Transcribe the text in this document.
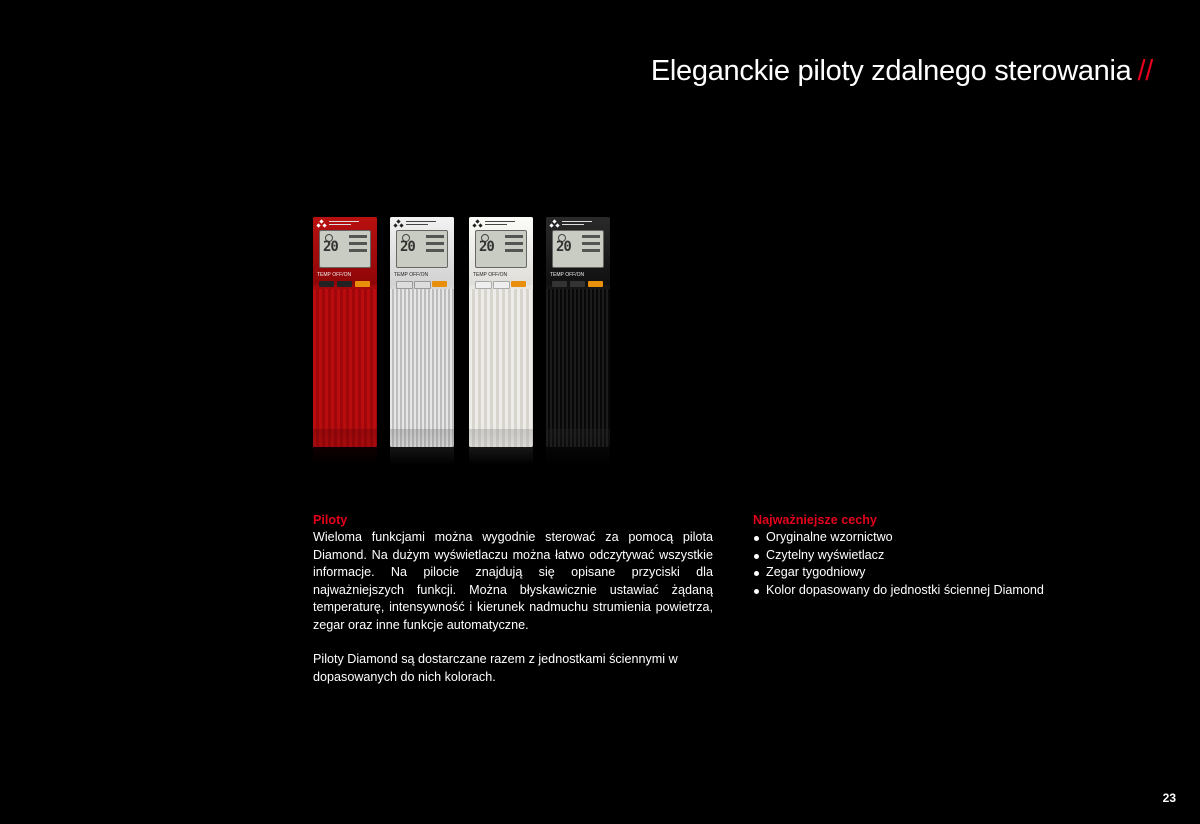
Eleganckie piloty zdalnego sterowania //
20
TEMP OFF/ON
20
TEMP OFF/ON
20
TEMP OFF/ON
20
TEMP OFF/ON
Piloty

Wieloma funkcjami można wygodnie sterować za pomocą pilota Diamond. Na dużym wyświetlaczu można łatwo odczytywać wszystkie informacje. Na pilocie znajdują się opisane przyciski dla najważniejszych funkcji. Można błyskawicznie ustawiać żądaną temperaturę, intensywność i kierunek nadmuchu strumienia powietrza, zegar oraz inne funkcje automatyczne.

Piloty Diamond są dostarczane razem z jednostkami ściennymi w dopasowanych do nich kolorach.

Najważniejsze cechy
Oryginalne wzornictwo
Czytelny wyświetlacz
Zegar tygodniowy
Kolor dopasowany do jednostki ściennej Diamond
23
